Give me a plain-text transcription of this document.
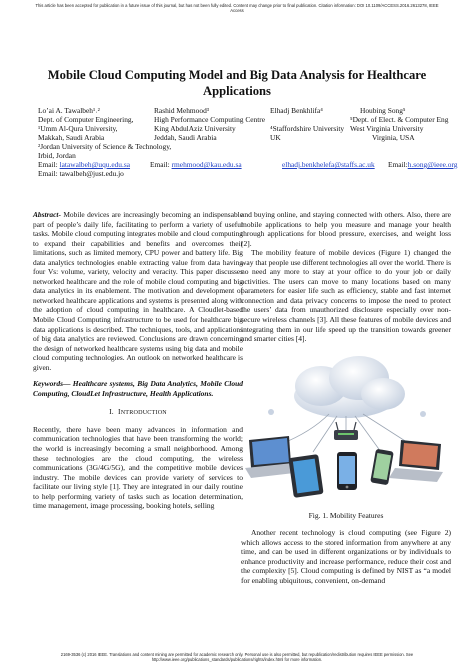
This article has been accepted for publication in a future issue of this journal, but has not been fully edited. Content may change prior to final publication. Citation information: DOI 10.1109/ACCESS.2016.2613278, IEEE
Access
Mobile Cloud Computing Model and Big Data Analysis for Healthcare
Applications
Lo’ai A. Tawalbeh¹˒²
Dept. of Computer Engineering,
¹Umm Al-Qura University,
Makkah, Saudi Arabia
²Jordan University of Science & Technology,
Irbid, Jordan
Rashid Mehmood³
High Performance Computing Centre
King AbdulAziz University
Jeddah, Saudi Arabia
Elhadj Benkhlifa⁴

⁴Staffordshire University
UK
Houbing Song⁵
⁵Dept. of Elect. & Computer Eng
West Virginia University
Virginia, USA
Email: latawalbeh@uqu.edu.sa	Email: rmehmood@kau.edu.sa	elhadj.benkhelefa@staffs.ac.uk Email:h.song@ieee.org
Email: tawalbeh@just.edu.jo

Abstract- Mobile devices are increasingly becoming an indispensable part of people’s daily life, facilitating to perform a variety of useful tasks. Mobile cloud computing integrates mobile and cloud computing to expand their capabilities and benefits and overcomes their limitations, such as limited memory, CPU power and battery life. Big data analytics technologies enable extracting value from data having four Vs: volume, variety, velocity and veracity. This paper discusses networked healthcare and the role of mobile cloud computing and big data analytics in its enablement. The motivation and development of networked healthcare applications and systems is presented along with the adoption of cloud computing in healthcare. A Cloudlet-based Mobile Cloud Computing infrastructure to be used for healthcare big data applications is described. The techniques, tools, and applications of big data analytics are reviewed. Conclusions are drawn concerning the design of networked healthcare systems using big data and mobile cloud computing technologies. An outlook on networked healthcare is given.

Keywords— Healthcare systems, Big Data Analytics, Mobile Cloud Computing, CloudLet Infrastructure, Health Applications.

I. INTRODUCTION

Recently, there have been many advances in information and communication technologies that have been transforming the world; the world is increasingly becoming a small neighborhood. Among these technologies are the cloud computing, the wireless communications (3G/4G/5G), and the competitive mobile devices industry. The mobile devices can provide variety of services to facilitate our living style [1]. They are integrated in our daily routine to help performing variety of tasks such as location determination, time management, image processing, booking hotels, selling

and buying online, and staying connected with others. Also, there are mobile applications to help you measure and manage your health through applications for blood pressure, exercises, and weight loss [2].

The mobility feature of mobile devices (Figure 1) changed the way that people use different technologies all over the world. There is no need any more to stay at your office to do your job or daily activities. The users can move to many locations based on many parameters for easier life such as efficiency, stable and fast internet connection and data privacy concerns to impose the need to protect the users’ data from unauthorized disclosure especially over non-secure wireless channels [3]. All these features of mobile devices and integrating them in our life speed up the transition towards greener and smarter cities [4].

Fig. 1. Mobility Features

Another recent technology is cloud computing (see Figure 2) which allows access to the stored information from anywhere at any time, and can be used in different organizations or by individuals to enhance productivity and increase performance, reduce their cost and the complexity [5]. Cloud computing is defined by NIST as “a model for enabling ubiquitous, convenient, on-demand

2169-3536 (c) 2016 IEEE. Translations and content mining are permitted for academic research only. Personal use is also permitted, but republication/redistribution requires IEEE permission. See
http://www.ieee.org/publications_standards/publications/rights/index.html for more information.
